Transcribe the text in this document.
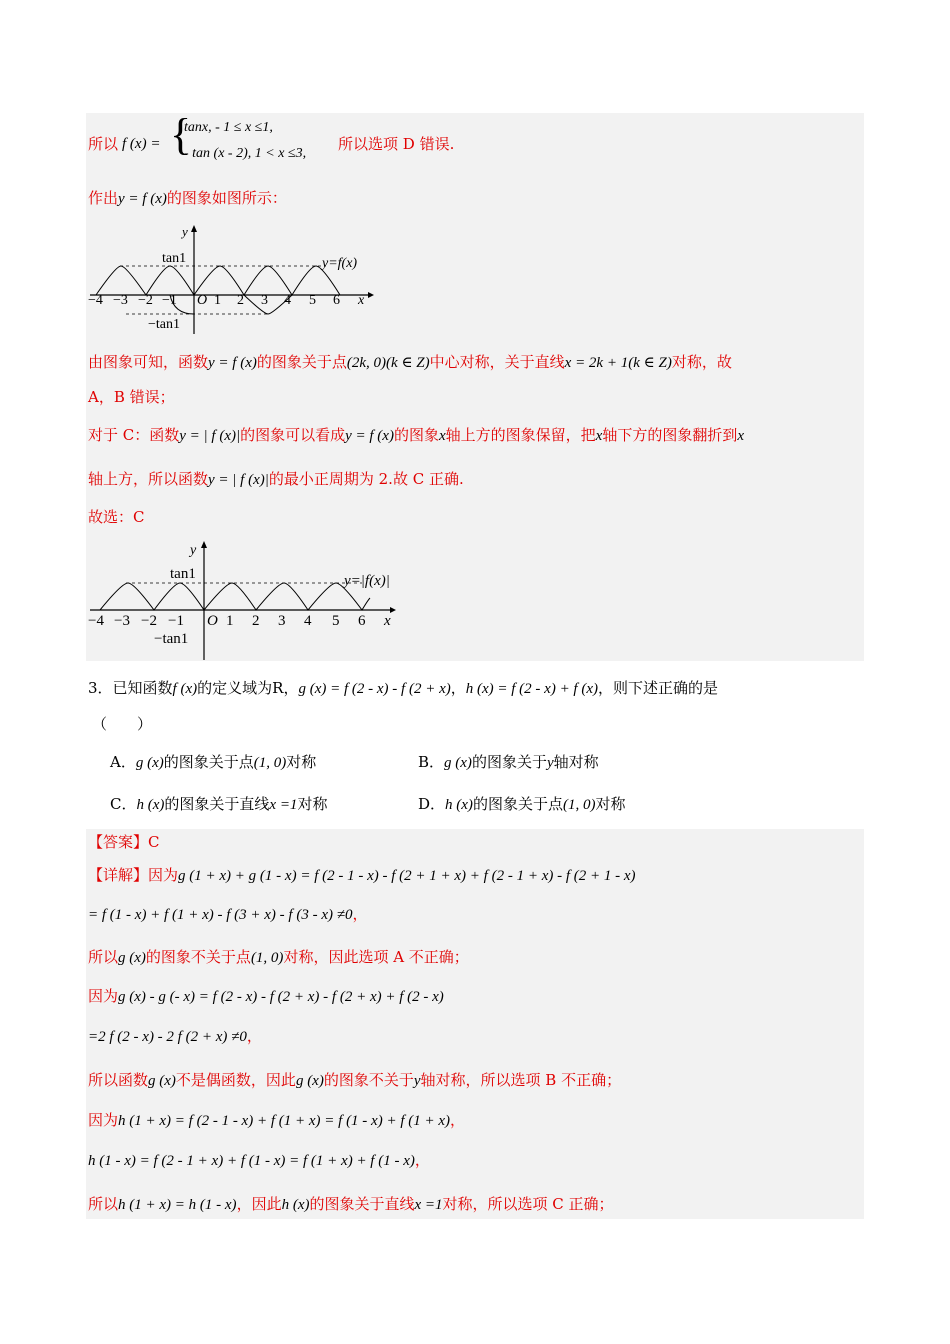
所以 f (x) = {
tanx, - 1 ≤ x ≤1,
- tan (x - 2), 1 < x ≤3,
所以选项 D 错误.
作出y = f (x)的图象如图所示：
y
tan1
−tan1
y=f(x)
−4 −3 −2 −1 O 1 2 3 4 5 6 x
由图象可知，函数y = f (x)的图象关于点(2k, 0)(k ∈ Z)中心对称，关于直线x = 2k + 1(k ∈ Z)对称，故
A，B 错误；
对于 C：函数y = | f (x)|的图象可以看成y = f (x)的图象x轴上方的图象保留，把x轴下方的图象翻折到x
轴上方，所以函数y = | f (x)|的最小正周期为 2.故 C 正确.
故选：C
y
tan1
−tan1
y=|f(x)|
−4 −3 −2 −1 O 1 2 3 4 5 6 x
3．已知函数f (x)的定义域为R，g (x) = f (2 - x) - f (2 + x)，h (x) = f (2 - x) + f (x)，则下述正确的是
（　　）
A．g (x)的图象关于点(1, 0)对称	B．g (x)的图象关于y轴对称
C．h (x)的图象关于直线x =1对称	D．h (x)的图象关于点(1, 0)对称
【答案】C
【详解】因为g (1 + x) + g (1 - x) = f (2 - 1 - x) - f (2 + 1 + x) + f (2 - 1 + x) - f (2 + 1 - x)
= f (1 - x) + f (1 + x) - f (3 + x) - f (3 - x) ≠0，
所以g (x)的图象不关于点(1, 0)对称，因此选项 A 不正确；
因为g (x) - g (- x) = f (2 - x) - f (2 + x) - f (2 + x) + f (2 - x)
=2 f (2 - x) - 2 f (2 + x) ≠0，
所以函数g (x)不是偶函数，因此g (x)的图象不关于y轴对称，所以选项 B 不正确；
因为h (1 + x) = f (2 - 1 - x) + f (1 + x) = f (1 - x) + f (1 + x)，
h (1 - x) = f (2 - 1 + x) + f (1 - x) = f (1 + x) + f (1 - x)，
所以h (1 + x) = h (1 - x)，因此h (x)的图象关于直线x =1对称，所以选项 C 正确；
